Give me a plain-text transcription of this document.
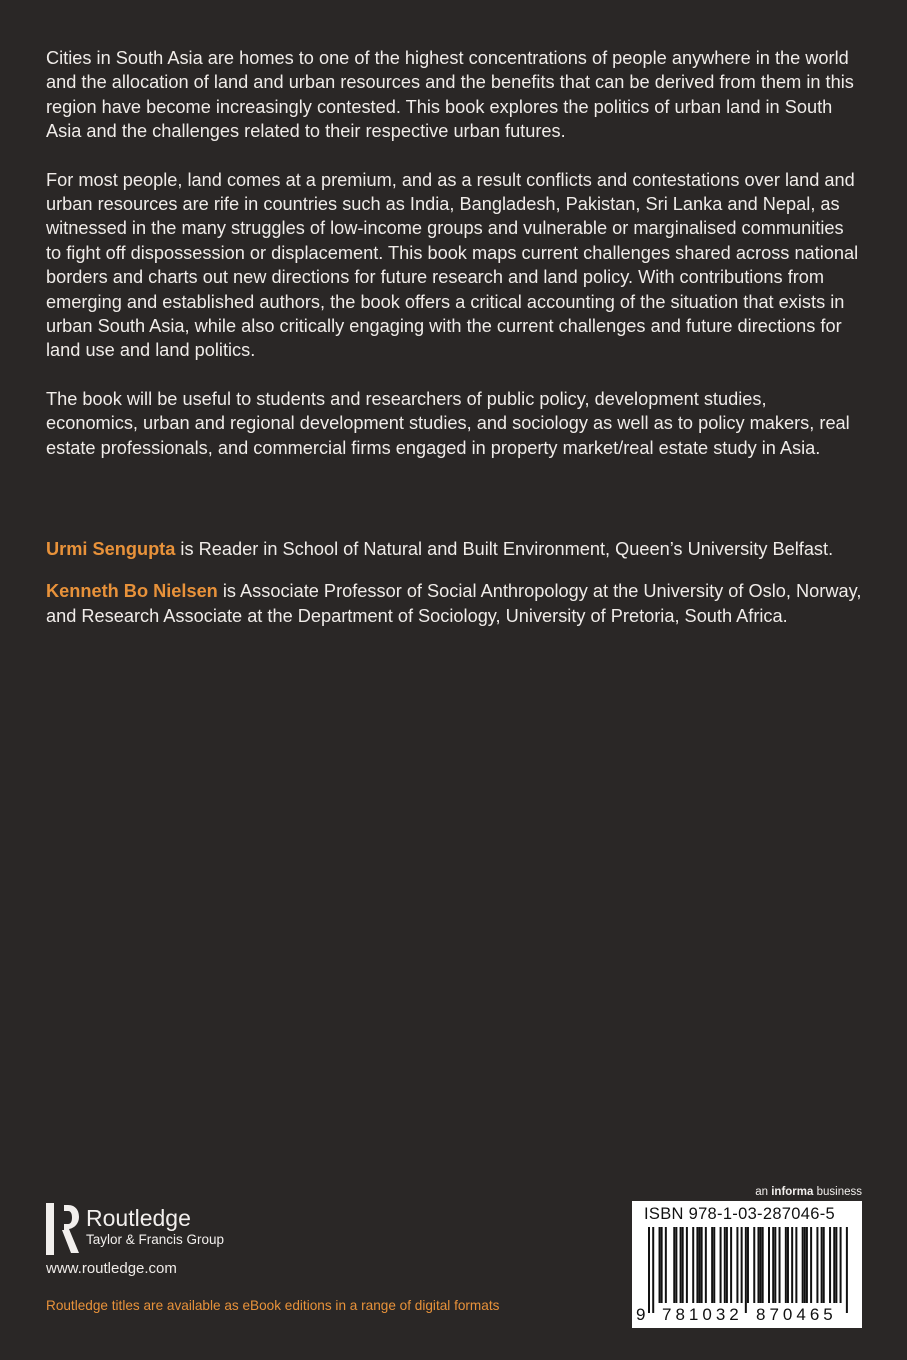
Cities in South Asia are homes to one of the highest concentrations of people anywhere in the world and the allocation of land and urban resources and the benefits that can be derived from them in this region have become increasingly contested. This book explores the politics of urban land in South Asia and the challenges related to their respective urban futures.

For most people, land comes at a premium, and as a result conflicts and contestations over land and urban resources are rife in countries such as India, Bangladesh, Pakistan, Sri Lanka and Nepal, as witnessed in the many struggles of low-income groups and vulnerable or marginalised communities to fight off dispossession or displacement. This book maps current challenges shared across national borders and charts out new directions for future research and land policy. With contributions from emerging and established authors, the book offers a critical accounting of the situation that exists in urban South Asia, while also critically engaging with the current challenges and future directions for land use and land politics.

The book will be useful to students and researchers of public policy, development studies, economics, urban and regional development studies, and sociology as well as to policy makers, real estate professionals, and commercial firms engaged in property market/real estate study in Asia.

Urmi Sengupta is Reader in School of Natural and Built Environment, Queen’s University Belfast.

Kenneth Bo Nielsen is Associate Professor of Social Anthropology at the University of Oslo, Norway, and Research Associate at the Department of Sociology, University of Pretoria, South Africa.

Routledge
Taylor & Francis Group
www.routledge.com
Routledge titles are available as eBook editions in a range of digital formats
an informa business
9 781032 870465
ISBN 978-1-03-287046-5
